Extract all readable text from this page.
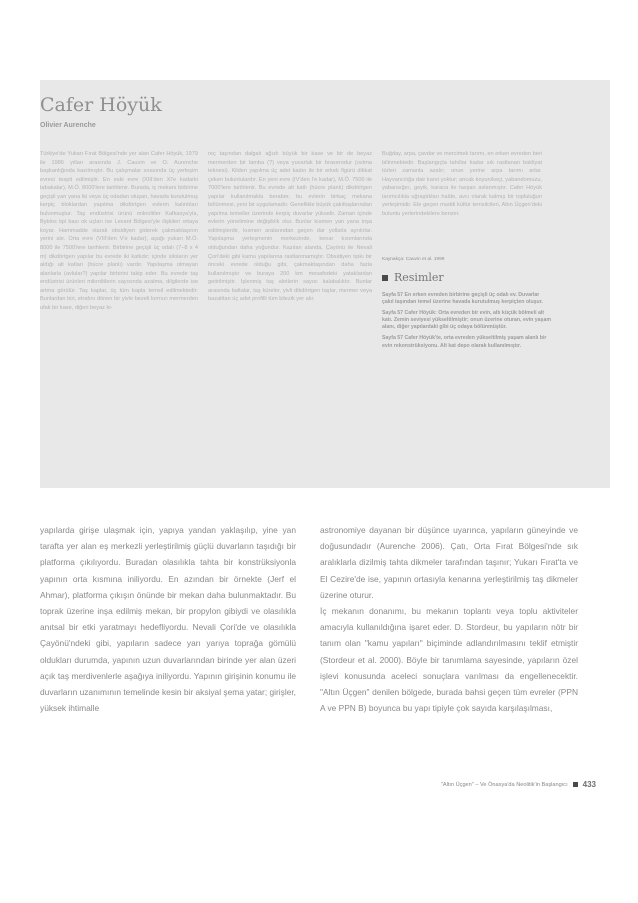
Cafer Höyük
Olivier Aurenche
Türkiye'de Yukarı Fırat Bölgesi'nde yer alan Cafer Höyük, 1979 ile 1986 yılları arasında J. Cauvin ve O. Aurenche başkanlığında kazılmıştır. Bu çalışmalar sırasında üç yerleşim evresi tespit edilmiştir. En eski evre (XIII'den XI'e kadarki tabakalar), M.Ö. 8000'lere tarihlenir. Burada, iç mekanı birbirine geçişli yan yana iki veya üç odadan oluşan, havada kurutulmuş kerpiç bloklardan yapılma dikdörtgen evlerin kalıntıları bulunmuştur. Taş endüstrisi ürünü mikrolitler Kafkasya'yla, Byblos tipi bazı ok uçları ise Levant Bölgesi'yle ilişkileri ortaya koyar. Hammadde olarak obsidiyen giderek çakmaktaşının yerini alır. Orta evre (VIII'den V'e kadar), aşağı yukarı M.Ö. 8000 ile 7500'lere tarihlenir. Birbirine geçişli üç odalı (7–8 x 4 m) dikdörtgen yapılar bu evrede iki katlıdır; içinde siloların yer aldığı alt katları (hücre planlı) vardır. Yapılaşma olmayan alanlarla (avlular?) yapılar birbirini takip eder. Bu evrede taş endüstrisi ürünleri mikrolitlerin sayısında azalma, dilgilerde ise artma görülür. Taş kaplar, üç tüm kapla temsil edilmektedir: Bunlardan biri, etrafını dönen bir yivle bezeli kırmızı mermerden ufak bir kase, diğeri beyaz ki-
reç taşından dalgalı ağızlı büyük bir kase ve bir de beyaz mermerden bir lamba (?) veya yuvarlak bir braserodur (ısıtma teknesi). Kilden yapılma üç adet kadın ile bir erkek figürü dikkat çeken buluntulardır. En yeni evre (IV'den I'e kadar), M.Ö. 7500 ile 7000'lere tarihlenir. Bu evrede alt katlı (hücre planlı) dikdörtgen yapılar kullanılmakla beraber, bu evlerin birkaç mekana bölünmesi, yeni bir uygulamadır. Genellikle büyük çakıltaşlarından yapılma temeller üzerinde kerpiç duvarlar yükselir. Zaman içinde evlerin yönelimine değişiklik olur. Bunlar kısmen yan yana inşa edilmişlerdir, kısmen aralarından geçen dar yollarla ayrılırlar. Yapılaşma yerleşmenin merkezinde, kenar kısımlarında olduğundan daha yoğundur. Kazılan alanda, Çayönü ile Nevali Çori'deki gibi kamu yapılarına rastlanmamıştır. Obsidiyen tıpkı bir önceki evrede olduğu gibi, çakmaktaşından daha fazla kullanılmıştır ve buraya 200 km mesafedeki yataklardan getirilmiştir. İşlenmiş taş aletlerin sayısı kalabalıktır. Bunlar arasında baltalar, taş küreler, yivli dikdörtgen taşlar, mermer veya bazalttan üç adet profilli tüm bilezik yer alır.
Buğday, arpa, çavdar ve mercimek tarımı, en erken evreden beri bilinmektedir. Başlangıçta tahıllar kadar sık rastlanan bakliyat türleri zamanla azalır; onun yerine arpa tarımı artar. Hayvancılığa dair kanıt yoktur; ancak koyun/keçi, yabandomuzu, yabansığırı, geyik, karaca ile tavşan avlanmıştır. Cafer Höyük tarımcılıkla uğraştıkları halde, avcı olarak kalmış bir topluluğun yerleşimidir. Ele geçen maddi kültür temsilcileri, Altın Üçgen'deki buluntu yerlerindekilere benzer.
Kaynakça: Cauvin et al. 1999
Resimler
Sayfa 57 En erken evreden birbirine geçişli üç odalı ev. Duvarlar çakıl taşından temel üzerine havada kurutulmuş kerpiçten oluşur.
Sayfa 57 Cafer Höyük: Orta evreden bir evin, altı küçük bölmeli alt katı. Zemin seviyesi yükseltilmiştir; onun üzerine oturan, evin yaşam alanı, diğer yapılardaki gibi üç odaya bölünmüştür.
Sayfa 57 Cafer Höyük'te, orta evreden yükseltilmiş yaşam alanlı bir evin rekonstrüksiyonu. Alt kat depo olarak kullanılmıştır.
yapılarda girişe ulaşmak için, yapıya yandan yaklaşılıp, yine yan tarafta yer alan eş merkezli yerleştirilmiş güçlü duvarların taşıdığı bir platforma çıkılıyordu. Buradan olasılıkla tahta bir konstrüksiyonla yapının orta kısmına iniliyordu. En azından bir örnekte (Jerf el Ahmar), platforma çıkışın önünde bir mekan daha bulunmaktadır. Bu toprak üzerine inşa edilmiş mekan, bir propylon gibiydi ve olasılıkla anıtsal bir etki yaratmayı hedefliyordu. Nevali Çori'de ve olasılıkla Çayönü'ndeki gibi, yapıların sadece yarı yarıya toprağa gömülü oldukları durumda, yapının uzun duvarlarından birinde yer alan üzeri açık taş merdivenlerle aşağıya iniliyordu. Yapının girişinin konumu ile duvarların uzanımının temelinde kesin bir aksiyal şema yatar; girişler, yüksek ihtimalle
astronomiye dayanan bir düşünce uyarınca, yapıların güneyinde ve doğusundadır (Aurenche 2006). Çatı, Orta Fırat Bölgesi'nde sık aralıklarla dizilmiş tahta dikmeler tarafından taşınır; Yukarı Fırat'ta ve El Cezire'de ise, yapının ortasıyla kenarına yerleştirilmiş taş dikmeler üzerine oturur.
İç mekanın donanımı, bu mekanın toplantı veya toplu aktiviteler amacıyla kullanıldığına işaret eder. D. Stordeur, bu yapıların nötr bir tanım olan "kamu yapıları" biçiminde adlandırılmasını teklif etmiştir (Stordeur et al. 2000). Böyle bir tanımlama sayesinde, yapıların özel işlevi konusunda aceleci sonuçlara varılması da engellenecektir. "Altın Üçgen" denilen bölgede, burada bahsi geçen tüm evreler (PPN A ve PPN B) boyunca bu yapı tipiyle çok sayıda karşılaşılması,
"Altın Üçgen" – Ve Önasya'da Neolitik'in Başlangıcı 433
